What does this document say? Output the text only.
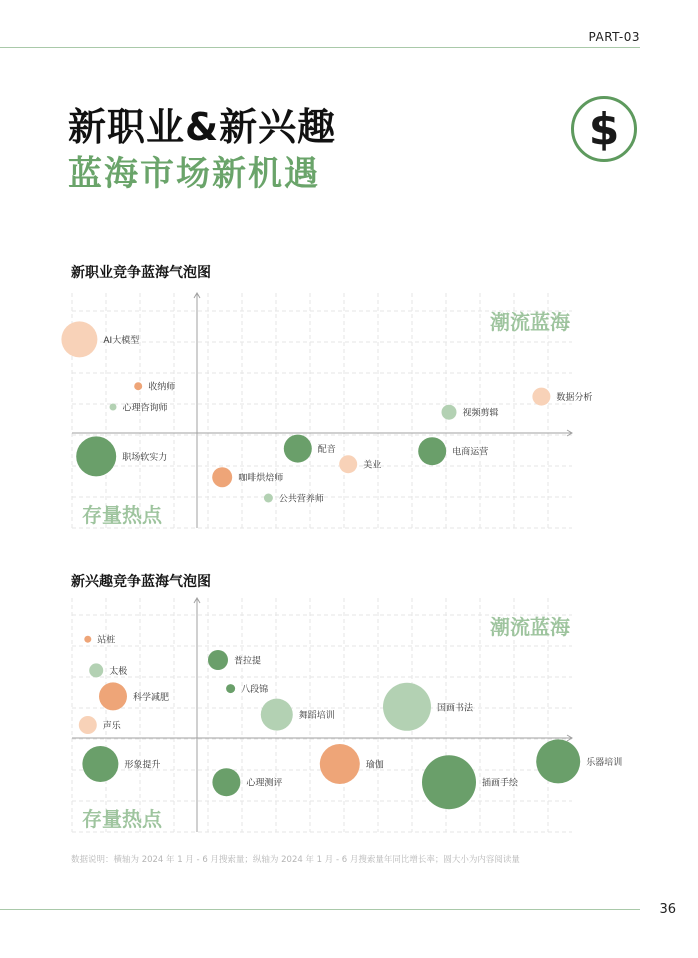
PART-03
新职业&新兴趣
蓝海市场新机遇
$
新职业竞争蓝海气泡图
潮流蓝海
存量热点
AI大模型
收纳师
心理咨询师
数据分析
视频剪辑
配音	电商运营
美业
职场软实力
咖啡烘焙师
公共营养师
潮流蓝海
存量热点
站桩
太极
普拉提
科学减肥
八段锦
声乐
舞蹈培训
国画书法
形象提升
心理测评
瑜伽
插画手绘
乐器培训
新兴趣竞争蓝海气泡图
数据说明：横轴为 2024 年 1 月 - 6 月搜索量；纵轴为 2024 年 1 月 - 6 月搜索量年同比增长率；圆大小为内容阅读量
36
